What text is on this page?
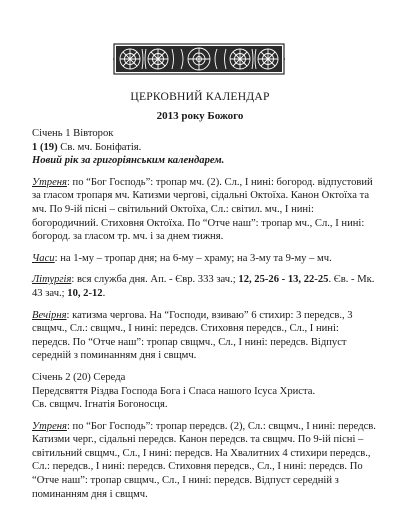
ЦЕРКОВНИЙ КАЛЕНДАР
2013 року Божого

Січень 1 Вівторок

1 (19) Св. мч. Боніфатія.

Новий рік за григоріянським календарем.

Утреня: по “Бог Господь”: тропар мч. (2). Сл., І нині: богород. відпустовий за гласом тропаря мч. Катизми чергові, сідальні Октоїха. Канон Октоїха та мч. По 9-ій пісні – світильний Октоїха, Сл.: світил. мч., І нині: богородичний. Стиховня Октоїха. По “Отче наш”: тропар мч., Сл., І нині: богород. за гласом тр. мч. і за днем тижня.

Часи: на 1-му – тропар дня; на 6-му – храму; на 3-му та 9-му – мч.

Літургія: вся служба дня. Ап. - Євр. 333 зач.; 12, 25-26 - 13, 22-25. Єв. - Мк. 43 зач.; 10, 2-12.

Вечірня: катизма чергова. На “Господи, взиваю” 6 стихир: 3 передсв., 3 свщмч., Сл.: свщмч., І нині: передсв. Стиховня передсв., Сл., І нині: передсв. По “Отче наш”: тропар свщмч., Сл., І нині: передсв. Відпуст середній з поминанням дня і свщмч.

Січень 2 (20) Середа

Передсвяття Різдва Господа Бога і Спаса нашого Ісуса Христа.

Св. свщмч. Ігнатія Богоносця.

Утреня: по “Бог Господь”: тропар передсв. (2), Сл.: свщмч., І нині: передсв. Катизми черг., сідальні передсв. Канон передсв. та свщмч. По 9-ій пісні – світильний свщмч., Сл., І нині: передсв. На Хвалитних 4 стихири передсв., Сл.: передсв., І нині: передсв. Стиховня передсв., Сл., І нині: передсв. По “Отче наш”: тропар свщмч., Сл., І нині: передсв. Відпуст середній з поминанням дня і свщмч.
